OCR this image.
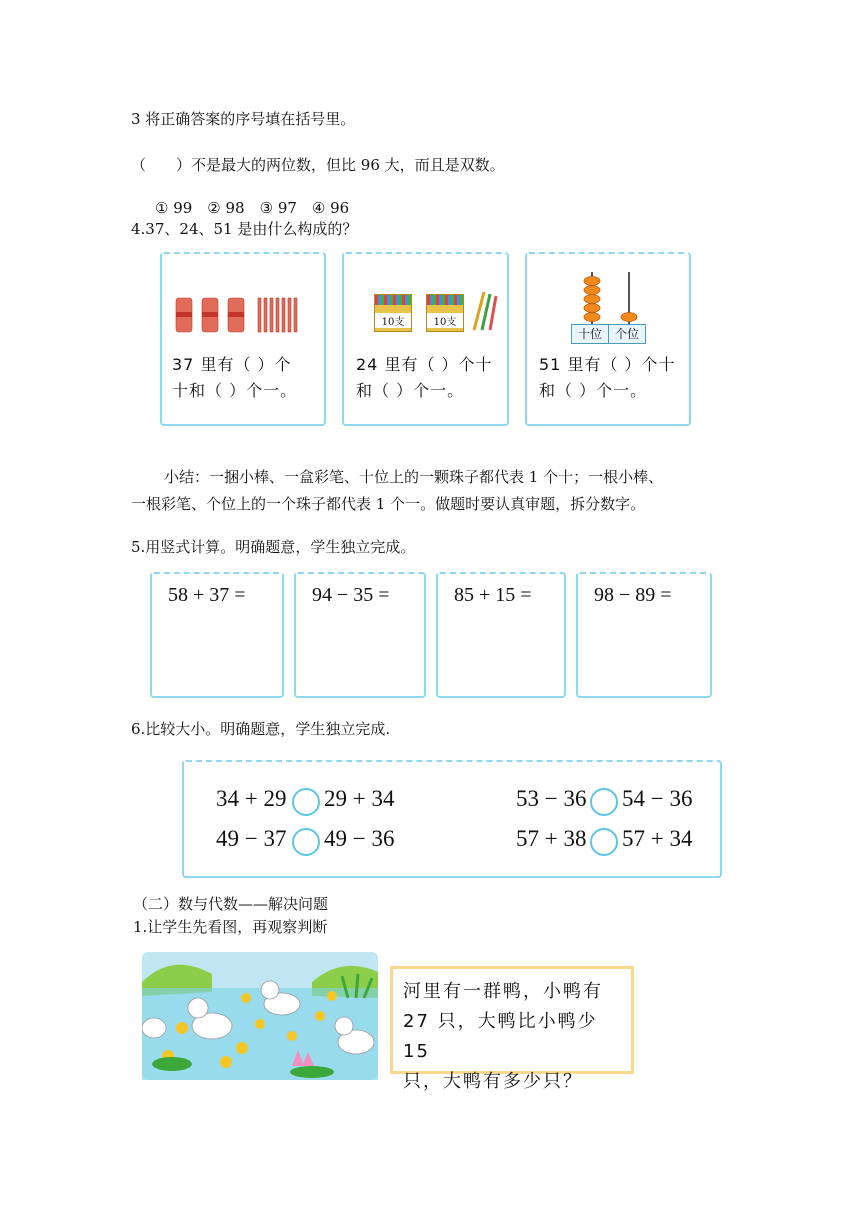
3 将正确答案的序号填在括号里。
（　　）不是最大的两位数，但比 96 大，而且是双数。
① 99　② 98　③ 97　④ 96
4.37、24、51 是由什么构成的？
37 里有（ ）个
十和（ ）个一。
10支	10支
24 里有（ ）个十
和（ ）个一。
十位	个位
51 里有（ ）个十
和（ ）个一。
小结：一捆小棒、一盒彩笔、十位上的一颗珠子都代表 1 个十；一根小棒、
一根彩笔、个位上的一个珠子都代表 1 个一。做题时要认真审题，拆分数字。
5.用竖式计算。明确题意，学生独立完成。
58 + 37 =	94 − 35 =	85 + 15 =	98 − 89 =
6.比较大小。明确题意，学生独立完成.
34 + 29 29 + 34	53 − 36 54 − 36
49 − 37 49 − 36	57 + 38 57 + 34
（二）数与代数——解决问题
1.让学生先看图，再观察判断
河里有一群鸭，小鸭有
27 只，大鸭比小鸭少 15
只，大鸭有多少只？
